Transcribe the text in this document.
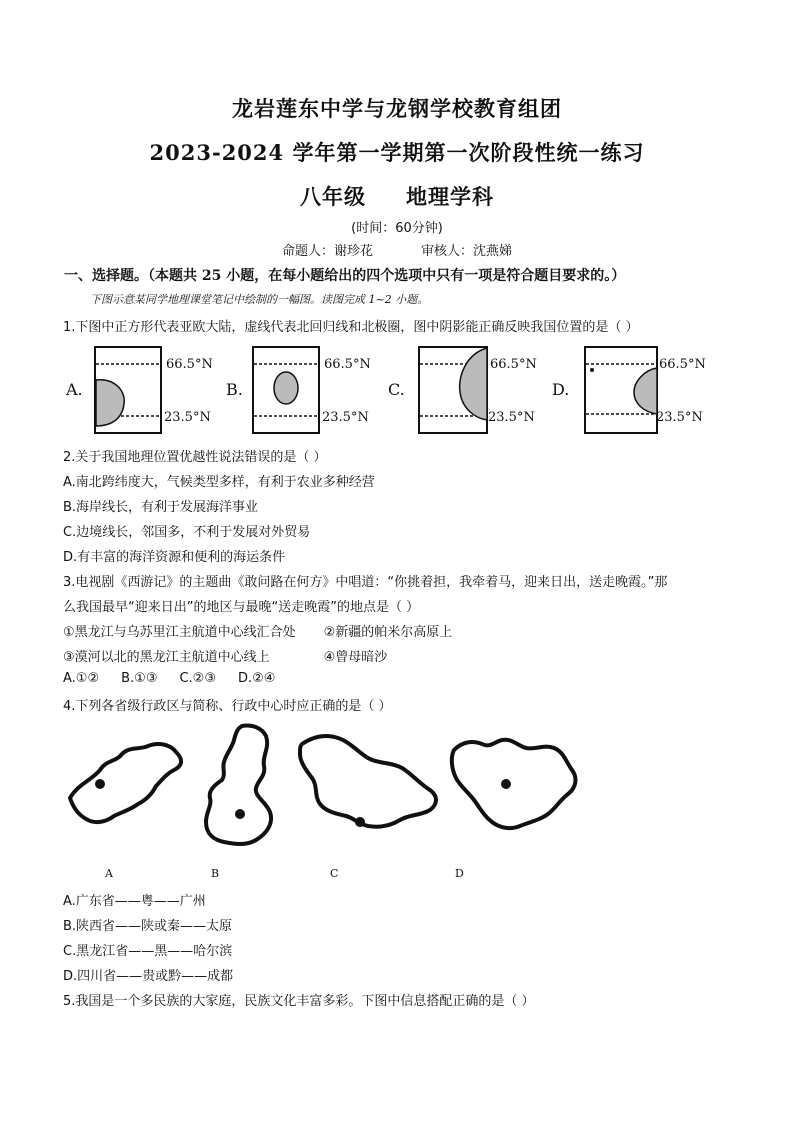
龙岩莲东中学与龙钢学校教育组团
2023-2024 学年第一学期第一次阶段性统一练习
八年级 地理学科
(时间：60分钟)
命题人：谢珍花	审核人：沈燕娣
一、选择题。（本题共 25 小题，在每小题给出的四个选项中只有一项是符合题目要求的。）
下图示意某同学地理课堂笔记中绘制的一幅图。读图完成 1~2 小题。
1.下图中正方形代表亚欧大陆，虚线代表北回归线和北极圈，图中阴影能正确反映我国位置的是（ ）
A.
66.5°N
23.5°N
B.
66.5°N
23.5°N
C.
66.5°N
23.5°N
D.
66.5°N
23.5°N
2.关于我国地理位置优越性说法错误的是（ ）
A.南北跨纬度大，气候类型多样，有利于农业多种经营
B.海岸线长，有利于发展海洋事业
C.边境线长，邻国多，不利于发展对外贸易
D.有丰富的海洋资源和便利的海运条件
3.电视剧《西游记》的主题曲《敢问路在何方》中唱道：“你挑着担，我牵着马，迎来日出，送走晚霞。”那
么我国最早“迎来日出”的地区与最晚“送走晚霞”的地点是（ ）
①黑龙江与乌苏里江主航道中心线汇合处 ②新疆的帕米尔高原上
③漠河以北的黑龙江主航道中心线上	④曾母暗沙
A.①② B.①③ C.②③ D.②④
4.下列各省级行政区与简称、行政中心时应正确的是（ ）
A	B	C	D
A.广东省——粤——广州
B.陕西省——陕或秦——太原
C.黑龙江省——黑——哈尔滨
D.四川省——贵或黔——成都
5.我国是一个多民族的大家庭，民族文化丰富多彩。下图中信息搭配正确的是（ ）
